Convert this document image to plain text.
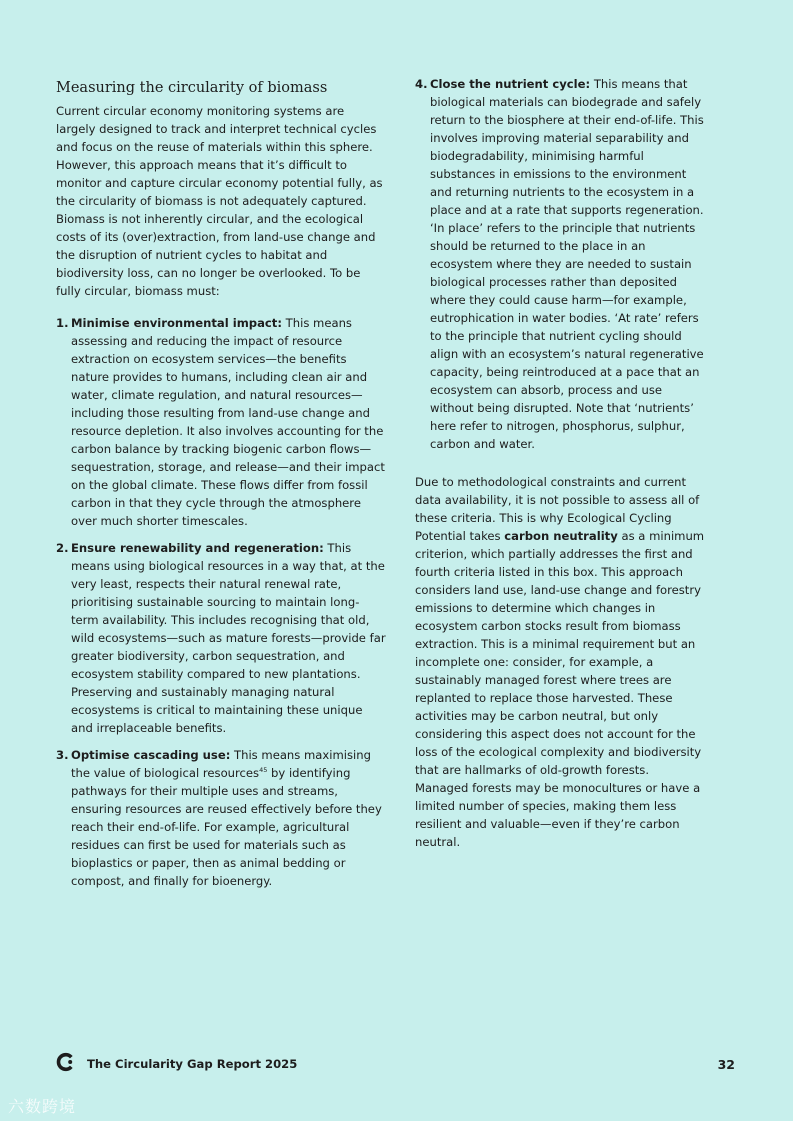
Measuring the circularity of biomass

Current circular economy monitoring systems are largely designed to track and interpret technical cycles and focus on the reuse of materials within this sphere. However, this approach means that it’s difficult to monitor and capture circular economy potential fully, as the circularity of biomass is not adequately captured. Biomass is not inherently circular, and the ecological costs of its (over)extraction, from land-use change and the disruption of nutrient cycles to habitat and biodiversity loss, can no longer be overlooked. To be fully circular, biomass must:

1. Minimise environmental impact: This means assessing and reducing the impact of resource extraction on ecosystem services—the benefits nature provides to humans, including clean air and water, climate regulation, and natural resources—including those resulting from land-use change and resource depletion. It also involves accounting for the carbon balance by tracking biogenic carbon flows—sequestration, storage, and release—and their impact on the global climate. These flows differ from fossil carbon in that they cycle through the atmosphere over much shorter timescales.
2. Ensure renewability and regeneration: This means using biological resources in a way that, at the very least, respects their natural renewal rate, prioritising sustainable sourcing to maintain long-term availability. This includes recognising that old, wild ecosystems—such as mature forests—provide far greater biodiversity, carbon sequestration, and ecosystem stability compared to new plantations. Preserving and sustainably managing natural ecosystems is critical to maintaining these unique and irreplaceable benefits.
3. Optimise cascading use: This means maximising the value of biological resources$^{45}$ by identifying pathways for their multiple uses and streams, ensuring resources are reused effectively before they reach their end-of-life. For example, agricultural residues can first be used for materials such as bioplastics or paper, then as animal bedding or compost, and finally for bioenergy.
4. Close the nutrient cycle: This means that biological materials can biodegrade and safely return to the biosphere at their end-of-life. This involves improving material separability and biodegradability, minimising harmful substances in emissions to the environment and returning nutrients to the ecosystem in a place and at a rate that supports regeneration. ‘In place’ refers to the principle that nutrients should be returned to the place in an ecosystem where they are needed to sustain biological processes rather than deposited where they could cause harm—for example, eutrophication in water bodies. ‘At rate’ refers to the principle that nutrient cycling should align with an ecosystem’s natural regenerative capacity, being reintroduced at a pace that an ecosystem can absorb, process and use without being disrupted. Note that ‘nutrients’ here refer to nitrogen, phosphorus, sulphur, carbon and water.

Due to methodological constraints and current data availability, it is not possible to assess all of these criteria. This is why Ecological Cycling Potential takes carbon neutrality as a minimum criterion, which partially addresses the first and fourth criteria listed in this box. This approach considers land use, land-use change and forestry emissions to determine which changes in ecosystem carbon stocks result from biomass extraction. This is a minimal requirement but an incomplete one: consider, for example, a sustainably managed forest where trees are replanted to replace those harvested. These activities may be carbon neutral, but only considering this aspect does not account for the loss of the ecological complexity and biodiversity that are hallmarks of old-growth forests. Managed forests may be monocultures or have a limited number of species, making them less resilient and valuable—even if they’re carbon neutral.

The Circularity Gap Report 2025	32
六数跨境
